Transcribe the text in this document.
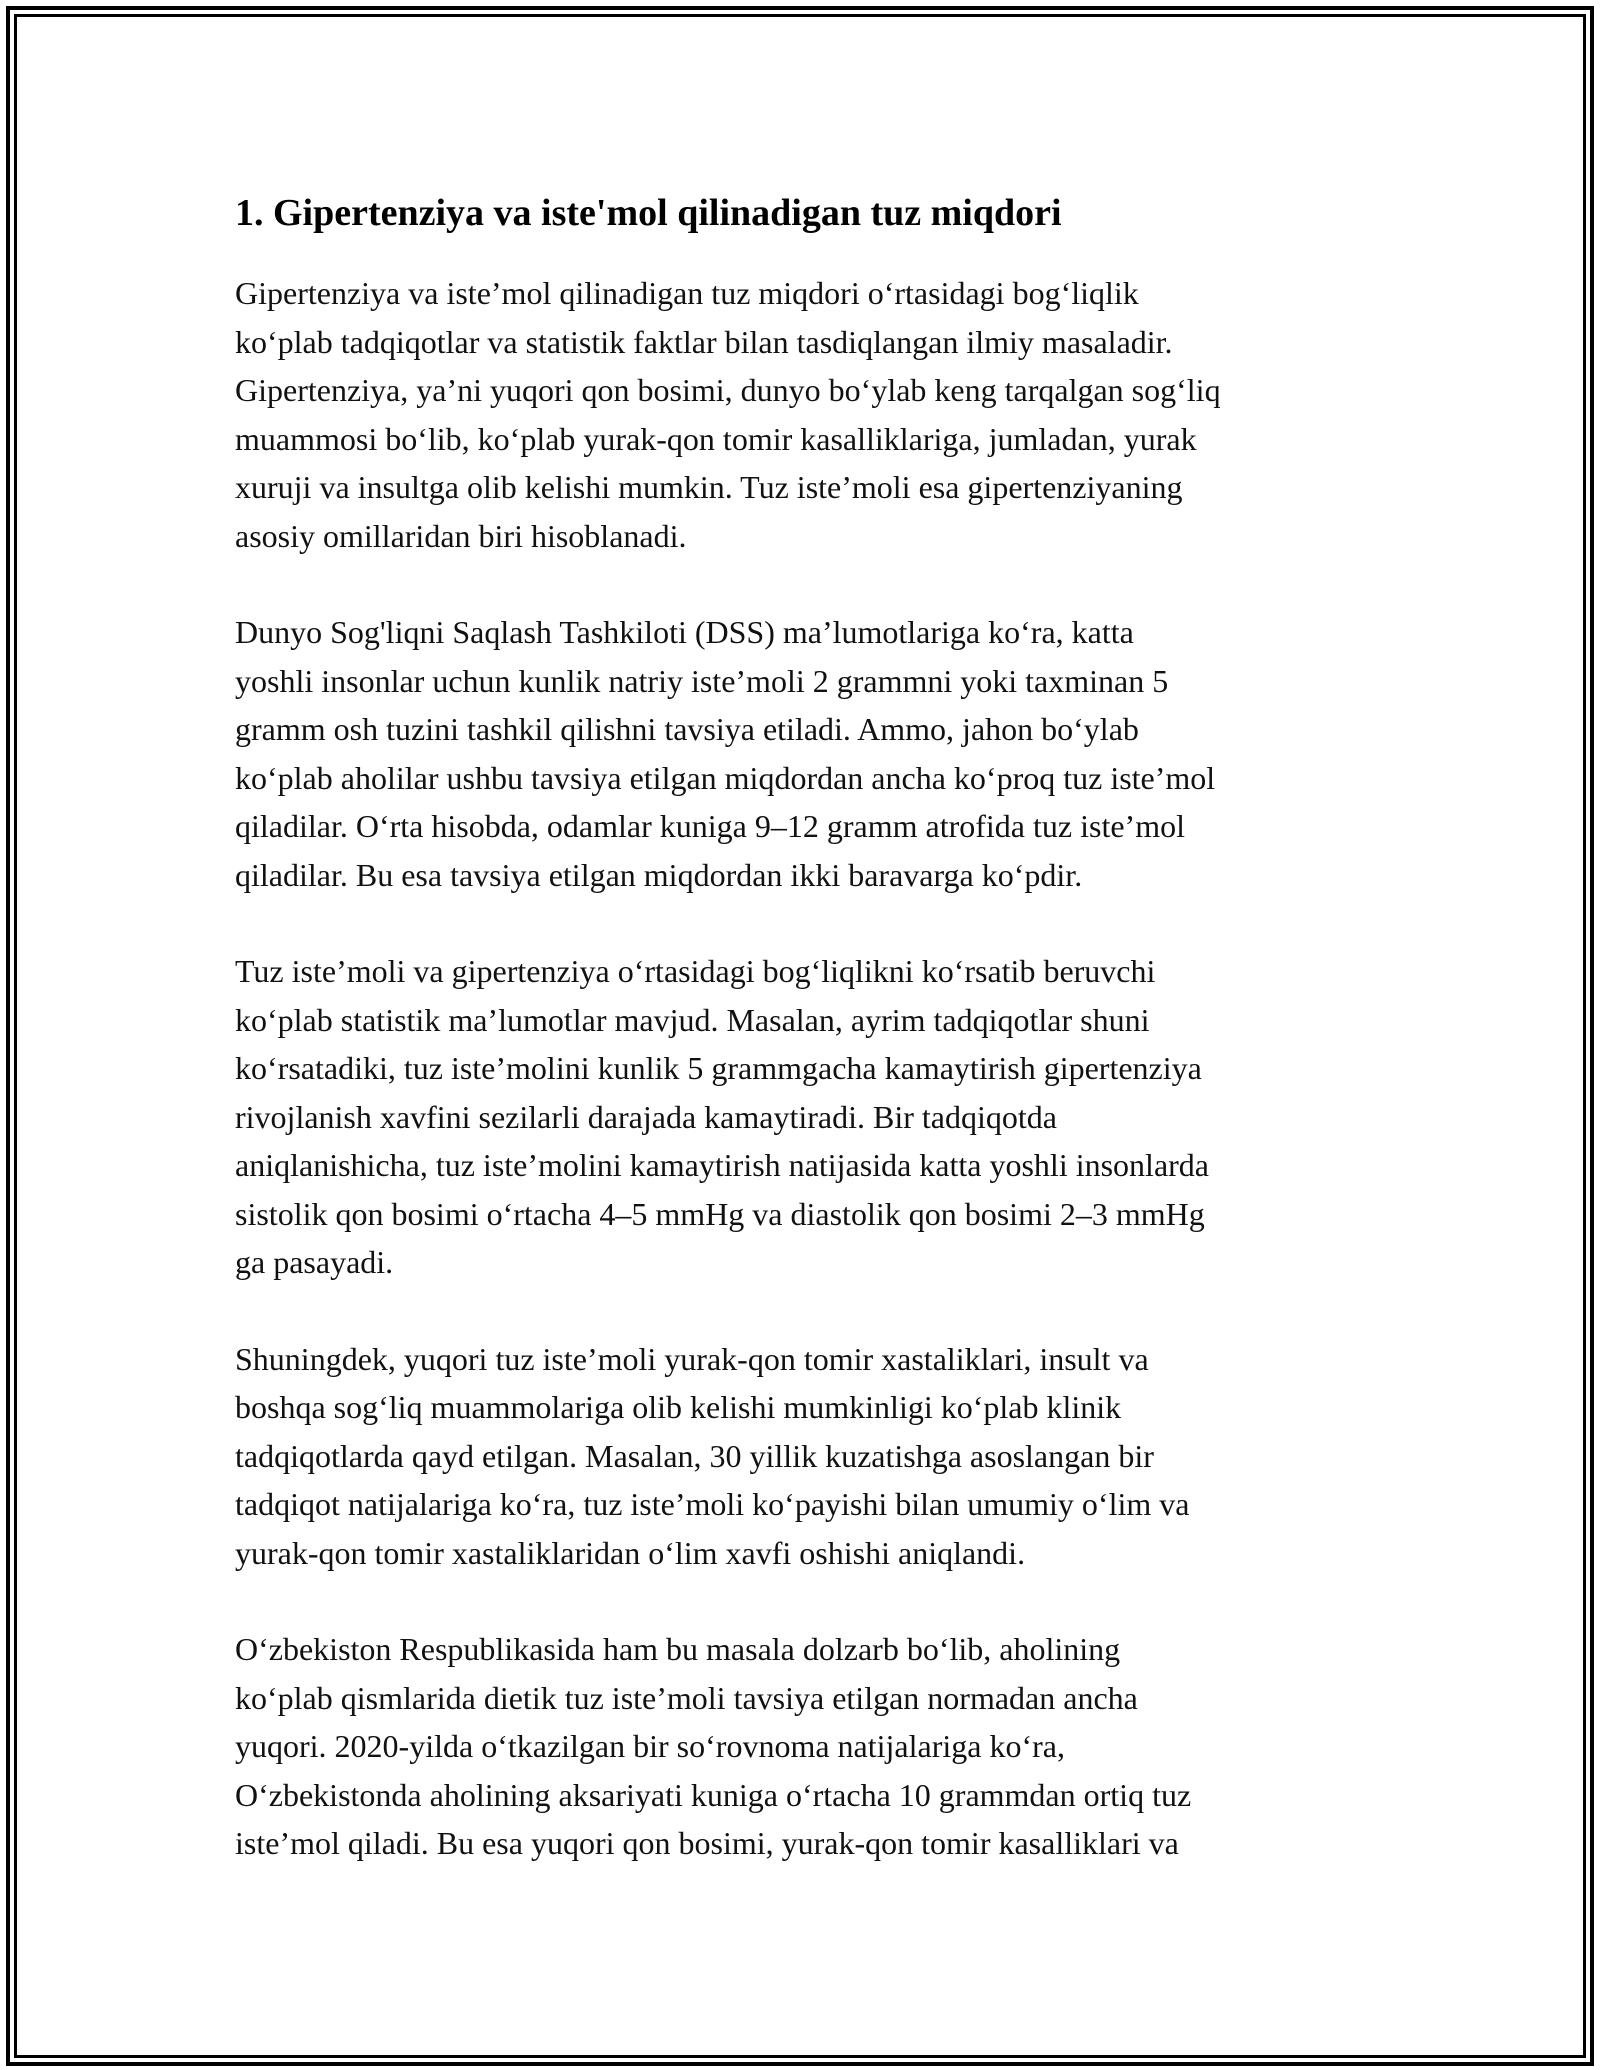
1. Gipertenziya va iste'mol qilinadigan tuz miqdori

Gipertenziya va iste’mol qilinadigan tuz miqdori oʻrtasidagi bogʻliqlik
koʻplab tadqiqotlar va statistik faktlar bilan tasdiqlangan ilmiy masaladir.
Gipertenziya, ya’ni yuqori qon bosimi, dunyo boʻylab keng tarqalgan sogʻliq
muammosi boʻlib, koʻplab yurak-qon tomir kasalliklariga, jumladan, yurak
xuruji va insultga olib kelishi mumkin. Tuz iste’moli esa gipertenziyaning
asosiy omillaridan biri hisoblanadi.

Dunyo Sog'liqni Saqlash Tashkiloti (DSS) ma’lumotlariga koʻra, katta
yoshli insonlar uchun kunlik natriy iste’moli 2 grammni yoki taxminan 5
gramm osh tuzini tashkil qilishni tavsiya etiladi. Ammo, jahon boʻylab
koʻplab aholilar ushbu tavsiya etilgan miqdordan ancha koʻproq tuz iste’mol
qiladilar. Oʻrta hisobda, odamlar kuniga 9–12 gramm atrofida tuz iste’mol
qiladilar. Bu esa tavsiya etilgan miqdordan ikki baravarga koʻpdir.

Tuz iste’moli va gipertenziya oʻrtasidagi bogʻliqlikni koʻrsatib beruvchi
koʻplab statistik ma’lumotlar mavjud. Masalan, ayrim tadqiqotlar shuni
koʻrsatadiki, tuz iste’molini kunlik 5 grammgacha kamaytirish gipertenziya
rivojlanish xavfini sezilarli darajada kamaytiradi. Bir tadqiqotda
aniqlanishicha, tuz iste’molini kamaytirish natijasida katta yoshli insonlarda
sistolik qon bosimi oʻrtacha 4–5 mmHg va diastolik qon bosimi 2–3 mmHg
ga pasayadi.

Shuningdek, yuqori tuz iste’moli yurak-qon tomir xastaliklari, insult va
boshqa sogʻliq muammolariga olib kelishi mumkinligi koʻplab klinik
tadqiqotlarda qayd etilgan. Masalan, 30 yillik kuzatishga asoslangan bir
tadqiqot natijalariga koʻra, tuz iste’moli koʻpayishi bilan umumiy oʻlim va
yurak-qon tomir xastaliklaridan oʻlim xavfi oshishi aniqlandi.

Oʻzbekiston Respublikasida ham bu masala dolzarb boʻlib, aholining
koʻplab qismlarida dietik tuz iste’moli tavsiya etilgan normadan ancha
yuqori. 2020-yilda oʻtkazilgan bir soʻrovnoma natijalariga koʻra,
Oʻzbekistonda aholining aksariyati kuniga oʻrtacha 10 grammdan ortiq tuz
iste’mol qiladi. Bu esa yuqori qon bosimi, yurak-qon tomir kasalliklari va
